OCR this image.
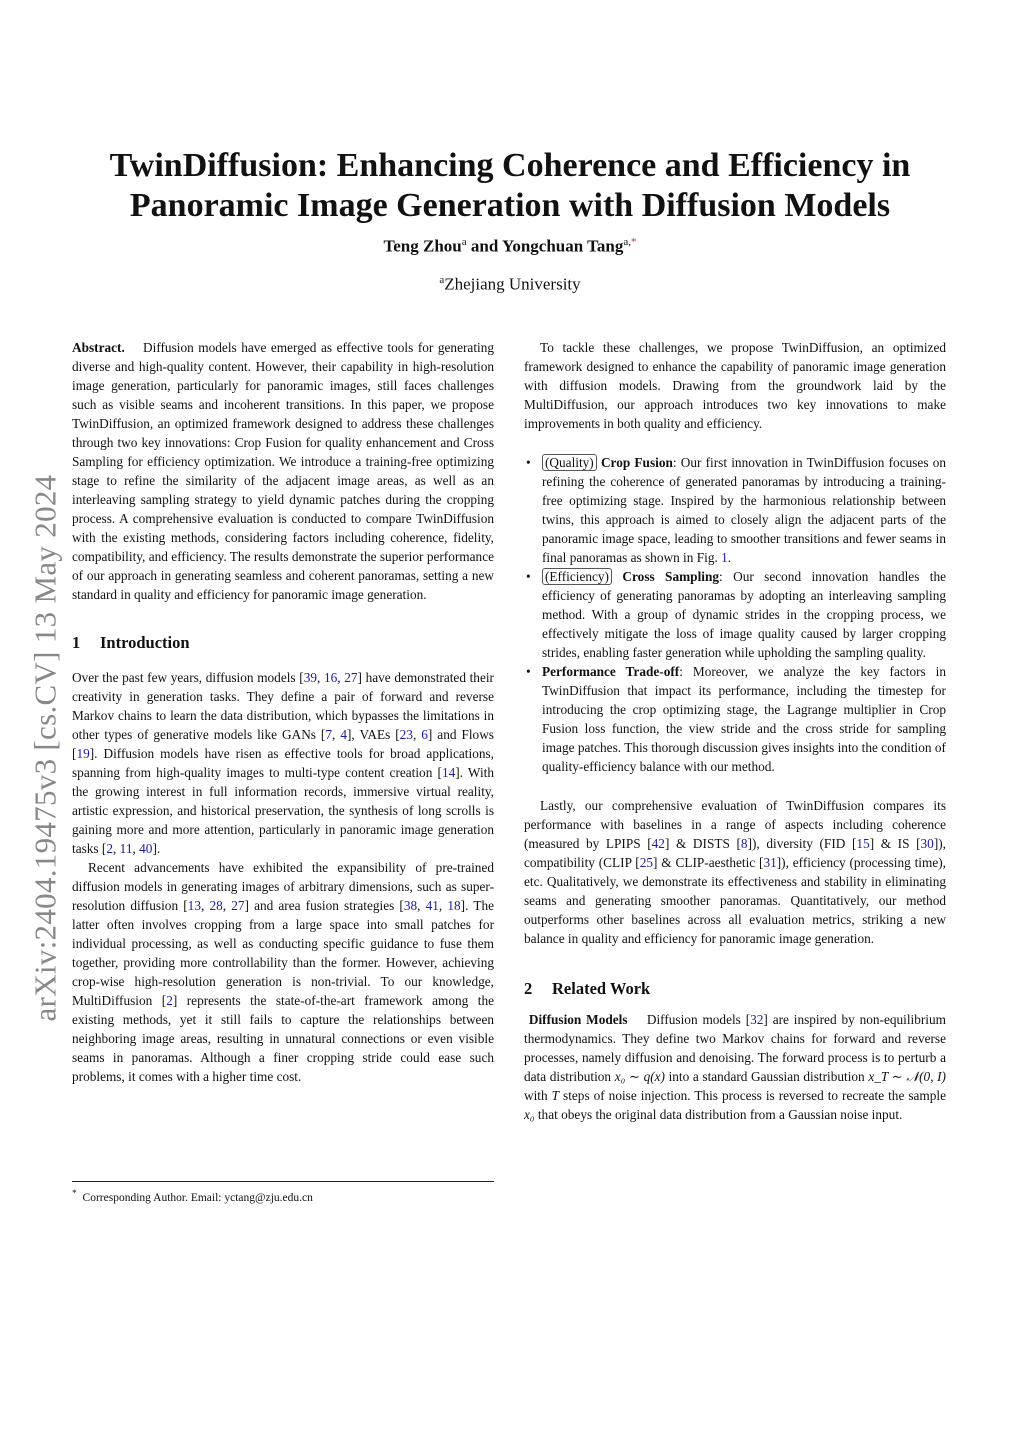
arXiv:2404.19475v3 [cs.CV] 13 May 2024
TwinDiffusion: Enhancing Coherence and Efficiency in
Panoramic Image Generation with Diffusion Models
Teng Zhou$^a$ and Yongchuan Tang$^{a,*}$
$^a$Zhejiang University

Abstract. Diffusion models have emerged as effective tools for generating diverse and high-quality content. However, their capability in high-resolution image generation, particularly for panoramic images, still faces challenges such as visible seams and incoherent transitions. In this paper, we propose TwinDiffusion, an optimized framework designed to address these challenges through two key innovations: Crop Fusion for quality enhancement and Cross Sampling for efficiency optimization. We introduce a training-free optimizing stage to refine the similarity of the adjacent image areas, as well as an interleaving sampling strategy to yield dynamic patches during the cropping process. A comprehensive evaluation is conducted to compare TwinDiffusion with the existing methods, considering factors including coherence, fidelity, compatibility, and efficiency. The results demonstrate the superior performance of our approach in generating seamless and coherent panoramas, setting a new standard in quality and efficiency for panoramic image generation.

1 Introduction

Over the past few years, diffusion models [39, 16, 27] have demonstrated their creativity in generation tasks. They define a pair of forward and reverse Markov chains to learn the data distribution, which bypasses the limitations in other types of generative models like GANs [7, 4], VAEs [23, 6] and Flows [19]. Diffusion models have risen as effective tools for broad applications, spanning from high-quality images to multi-type content creation [14]. With the growing interest in full information records, immersive virtual reality, artistic expression, and historical preservation, the synthesis of long scrolls is gaining more and more attention, particularly in panoramic image generation tasks [2, 11, 40].

Recent advancements have exhibited the expansibility of pre-trained diffusion models in generating images of arbitrary dimensions, such as super-resolution diffusion [13, 28, 27] and area fusion strategies [38, 41, 18]. The latter often involves cropping from a large space into small patches for individual processing, as well as conducting specific guidance to fuse them together, providing more controllability than the former. However, achieving crop-wise high-resolution generation is non-trivial. To our knowledge, MultiDiffusion [2] represents the state-of-the-art framework among the existing methods, yet it still fails to capture the relationships between neighboring image areas, resulting in unnatural connections or even visible seams in panoramas. Although a finer cropping stride could ease such problems, it comes with a higher time cost.

* Corresponding Author. Email: yctang@zju.edu.cn

To tackle these challenges, we propose TwinDiffusion, an optimized framework designed to enhance the capability of panoramic image generation with diffusion models. Drawing from the groundwork laid by the MultiDiffusion, our approach introduces two key innovations to make improvements in both quality and efficiency.

• (Quality) Crop Fusion: Our first innovation in TwinDiffusion focuses on refining the coherence of generated panoramas by introducing a training-free optimizing stage. Inspired by the harmonious relationship between twins, this approach is aimed to closely align the adjacent parts of the panoramic image space, leading to smoother transitions and fewer seams in final panoramas as shown in Fig. 1.
• (Efficiency) Cross Sampling: Our second innovation handles the efficiency of generating panoramas by adopting an interleaving sampling method. With a group of dynamic strides in the cropping process, we effectively mitigate the loss of image quality caused by larger cropping strides, enabling faster generation while upholding the sampling quality.
• Performance Trade-off: Moreover, we analyze the key factors in TwinDiffusion that impact its performance, including the timestep for introducing the crop optimizing stage, the Lagrange multiplier in Crop Fusion loss function, the view stride and the cross stride for sampling image patches. This thorough discussion gives insights into the condition of quality-efficiency balance with our method.

Lastly, our comprehensive evaluation of TwinDiffusion compares its performance with baselines in a range of aspects including coherence (measured by LPIPS [42] & DISTS [8]), diversity (FID [15] & IS [30]), compatibility (CLIP [25] & CLIP-aesthetic [31]), efficiency (processing time), etc. Qualitatively, we demonstrate its effectiveness and stability in eliminating seams and generating smoother panoramas. Quantitatively, our method outperforms other baselines across all evaluation metrics, striking a new balance in quality and efficiency for panoramic image generation.

2 Related Work

Diffusion Models Diffusion models [32] are inspired by non-equilibrium thermodynamics. They define two Markov chains for forward and reverse processes, namely diffusion and denoising. The forward process is to perturb a data distribution x₀ ∼ q(x) into a standard Gaussian distribution x_T ∼ 𝒩(0, I) with T steps of noise injection. This process is reversed to recreate the sample x₀ that obeys the original data distribution from a Gaussian noise input.
